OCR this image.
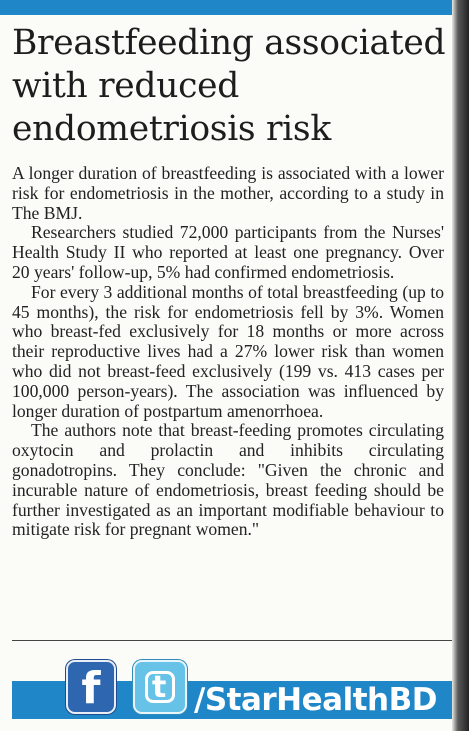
Breastfeeding associated
with reduced
endometriosis risk

A longer duration of breastfeeding is associated with a lower risk for endometriosis in the mother, according to a study in The BMJ.

Researchers studied 72,000 participants from the Nurses' Health Study II who reported at least one pregnancy. Over 20 years' follow-up, 5% had confirmed endometriosis.

For every 3 additional months of total breastfeeding (up to 45 months), the risk for endometriosis fell by 3%. Women who breast-fed exclusively for 18 months or more across their reproductive lives had a 27% lower risk than women who did not breast-feed exclusively (199 vs. 413 cases per 100,000 person-years). The association was influenced by longer duration of postpartum amenorrhoea.

The authors note that breast-feeding promotes circulating oxytocin and prolactin and inhibits circulating gonadotropins. They conclude: "Given the chronic and incurable nature of endometriosis, breast feeding should be further investigated as an important modifiable behaviour to mitigate risk for pregnant women."

f	t /StarHealthBD
